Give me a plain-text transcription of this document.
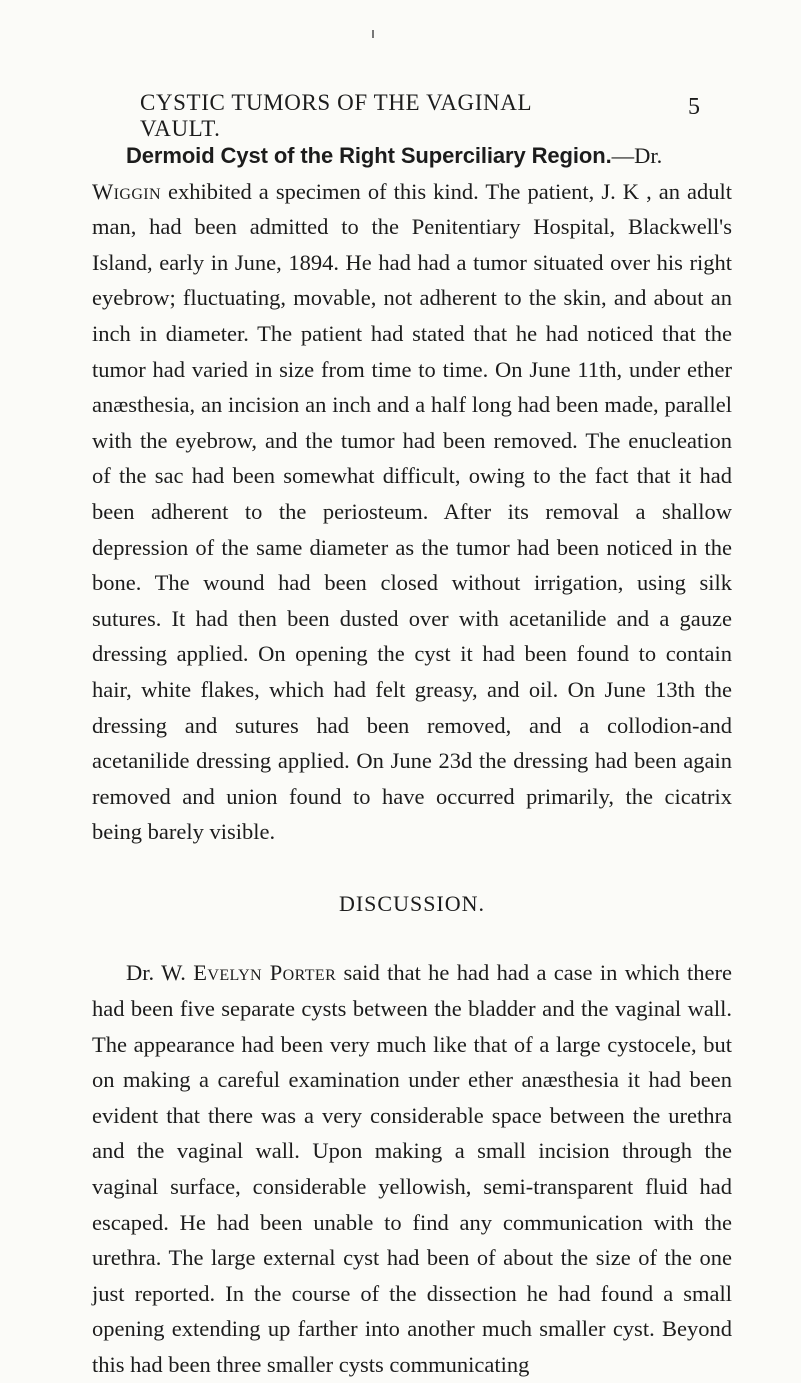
CYSTIC TUMORS OF THE VAGINAL VAULT.
5

Dermoid Cyst of the Right Superciliary Region.—Dr.
Wiggin exhibited a specimen of this kind. The patient, J. K , an adult man, had been admitted to the Penitentiary Hospital, Blackwell's Island, early in June, 1894. He had had a tumor situated over his right eyebrow; fluctuating, movable, not adherent to the skin, and about an inch in diameter. The patient had stated that he had noticed that the tumor had varied in size from time to time. On June 11th, under ether anæsthesia, an incision an inch and a half long had been made, parallel with the eyebrow, and the tumor had been removed. The enucleation of the sac had been somewhat difficult, owing to the fact that it had been adherent to the periosteum. After its removal a shallow depression of the same diameter as the tumor had been noticed in the bone. The wound had been closed without irrigation, using silk sutures. It had then been dusted over with acetanilide and a gauze dressing applied. On opening the cyst it had been found to contain hair, white flakes, which had felt greasy, and oil. On June 13th the dressing and sutures had been removed, and a collodion-and acetanilide dressing applied. On June 23d the dressing had been again removed and union found to have occurred primarily, the cicatrix being barely visible.

DISCUSSION.

Dr. W. Evelyn Porter said that he had had a case in which there had been five separate cysts between the bladder and the vaginal wall. The appearance had been very much like that of a large cystocele, but on making a careful examination under ether anæsthesia it had been evident that there was a very considerable space between the urethra and the vaginal wall. Upon making a small incision through the vaginal surface, considerable yellowish, semi-transparent fluid had escaped. He had been unable to find any communication with the urethra. The large external cyst had been of about the size of the one just reported. In the course of the dissection he had found a small opening extending up farther into another much smaller cyst. Beyond this had been three smaller cysts communicating
